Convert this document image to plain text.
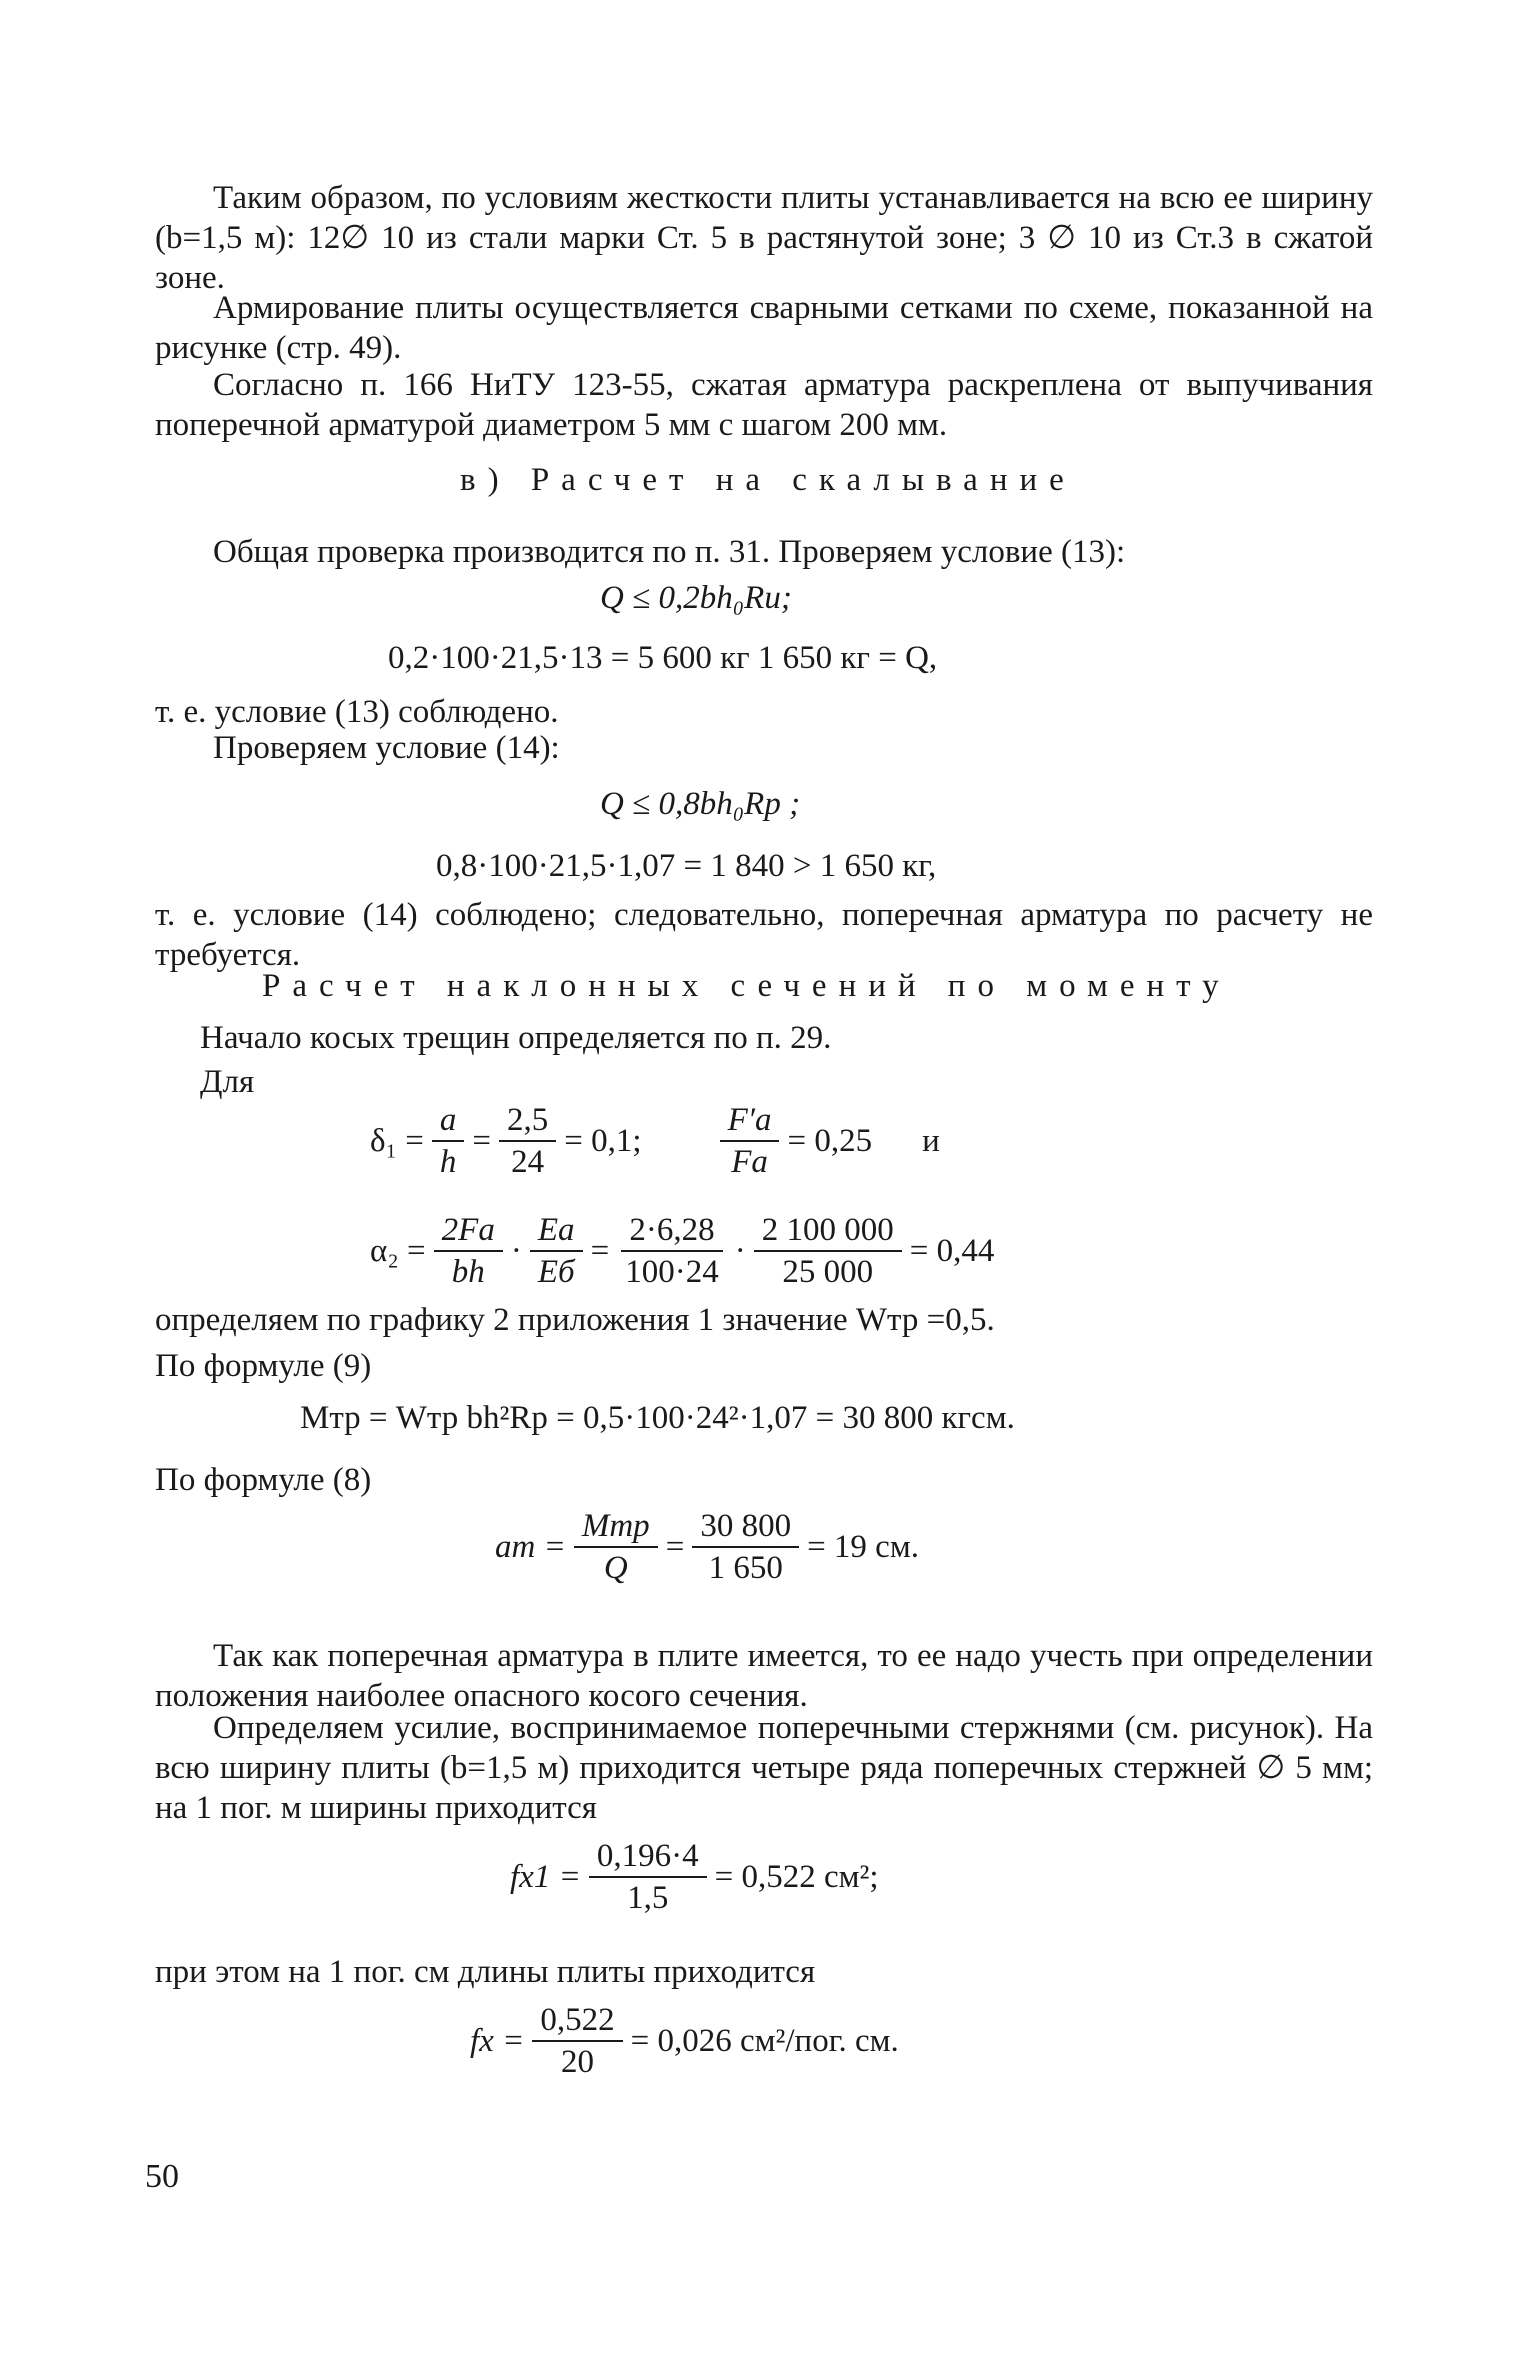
Таким образом, по условиям жесткости плиты устанавливается на всю ее ширину (b=1,5 м): 12∅ 10 из стали марки Ст. 5 в растянутой зоне; 3 ∅ 10 из Ст.3 в сжатой зоне.

Армирование плиты осуществляется сварными сетками по схеме, показанной на рисунке (стр. 49).

Согласно п. 166 НиТУ 123-55, сжатая арматура раскреплена от выпучивания поперечной арматурой диаметром 5 мм с шагом 200 мм.

в) Расчет на скалывание

Общая проверка производится по п. 31. Проверяем условие (13):

Q ≤ 0,2bh₀Rи;
0,2·100·21,5·13 = 5 600 кг 1 650 кг = Q,

т. е. условие (13) соблюдено.

Проверяем условие (14):

Q ≤ 0,8bh₀Rр ;
0,8·100·21,5·1,07 = 1 840 > 1 650 кг,

т. е. условие (14) соблюдено; следовательно, поперечная арматура по расчету не требуется.

Расчет наклонных сечений по моменту

Начало косых трещин определяется по п. 29.

Для

$\delta_1 = \frac{a}{h} = \frac{2,5}{24} = 0,1$; $\frac{F'а}{Fа} = 0,25$ и
$\alpha_2 = \frac{2Fа}{bh} \cdot \frac{Eа}{Eб} = \frac{2\cdot 6,28}{100\cdot 24} \cdot \frac{2 100 000}{25 000} = 0,44$

определяем по графику 2 приложения 1 значение Wтр =0,5.

По формуле (9)

Mтр = Wтр bh²Rр = 0,5·100·24²·1,07 = 30 800 кгсм.

По формуле (8)

aт = $\frac{\text{Mтр}}{Q} = \frac{30 800}{1 650} = 19$ см.

Так как поперечная арматура в плите имеется, то ее надо учесть при определении положения наиболее опасного косого сечения.

Определяем усилие, воспринимаемое поперечными стержнями (см. рисунок). На всю ширину плиты (b=1,5 м) приходится четыре ряда поперечных стержней ∅ 5 мм; на 1 пог. м ширины приходится

$fх1 = \frac{0,196\cdot 4}{1,5} = 0,522$ см²;

при этом на 1 пог. см длины плиты приходится

fх = $\frac{0,522}{20} = 0,026$ см²/пог. см.
50
